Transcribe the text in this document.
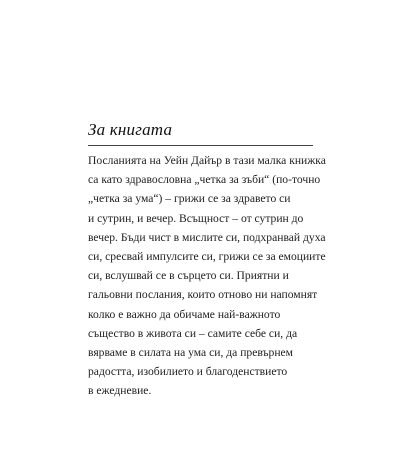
За книгата
Посланията на Уейн Дайър в тази малка книжка
са като здравословна „четка за зъби“ (по-точно
„четка за ума“) – грижи се за здравето си
и сутрин, и вечер. Всъщност – от сутрин до
вечер. Бъди чист в мислите си, подхранвай духа
си, сресвай импулсите си, грижи се за емоциите
си, вслушвай се в сърцето си. Приятни и
гальовни послания, които отново ни напомнят
колко е важно да обичаме най-важното
същество в живота си – самите себе си, да
вярваме в силата на ума си, да превърнем
радостта, изобилието и благоденствието
в ежедневие.
